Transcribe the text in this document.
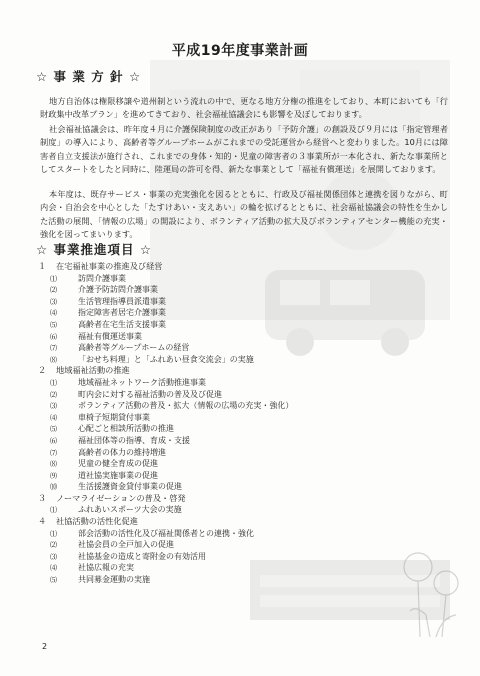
平成19年度事業計画
☆ 事 業 方 針 ☆
地方自治体は権限移譲や道州制という流れの中で、更なる地方分権の推進をしており、本町においても「行財政集中改革プラン」を進めてきており、社会福祉協議会にも影響を及ぼしております。
社会福祉協議会は、昨年度４月に介護保険制度の改正があり「予防介護」の創設及び９月には「指定管理者制度」の導入により、高齢者等グループホームがこれまでの受託運営から経営へと変わりました。10月には障害者自立支援法が施行され、これまでの身体・知的・児童の障害者の３事業所が一本化され、新たな事業所としてスタートをしたと同時に、陸運局の許可を得、新たな事業として「福祉有償運送」を展開しております。
本年度は、既存サービス・事業の充実強化を図るとともに、行政及び福祉関係団体と連携を図りながら、町内会・自治会を中心とした「たすけあい・支えあい」の輪を拡げるとともに、社会福祉協議会の特性を生かした活動の展開、「情報の広場」の開設により、ボランティア活動の拡大及びボランティアセンター機能の充実・強化を図ってまいります。
☆ 事業推進項目 ☆
１ 在宅福祉事業の推進及び経営
⑴	訪問介護事業
⑵	介護予防訪問介護事業
⑶	生活管理指導員派遣事業
⑷	指定障害者居宅介護事業
⑸	高齢者在宅生活支援事業
⑹	福祉有償運送事業
⑺	高齢者等グループホームの経営
⑻	「おせち料理」と「ふれあい昼食交流会」の実施
２ 地域福祉活動の推進
⑴	地域福祉ネットワーク活動推進事業
⑵	町内会に対する福祉活動の普及及び促進
⑶	ボランティア活動の普及・拡大（情報の広場の充実・強化）
⑷	車椅子短期貸付事業
⑸	心配ごと相談所活動の推進
⑹	福祉団体等の指導、育成・支援
⑺	高齢者の体力の維持増進
⑻	児童の健全育成の促進
⑼	道社協実施事業の促進
⑽	生活援護資金貸付事業の促進
３ ノーマライゼーションの普及・啓発
⑴	ふれあいスポーツ大会の実施
４ 社協活動の活性化促進
⑴	部会活動の活性化及び福祉関係者との連携・強化
⑵	社協会員の全戸加入の促進
⑶	社協基金の造成と寄附金の有効活用
⑷	社協広報の充実
⑸	共同募金運動の実施
2
